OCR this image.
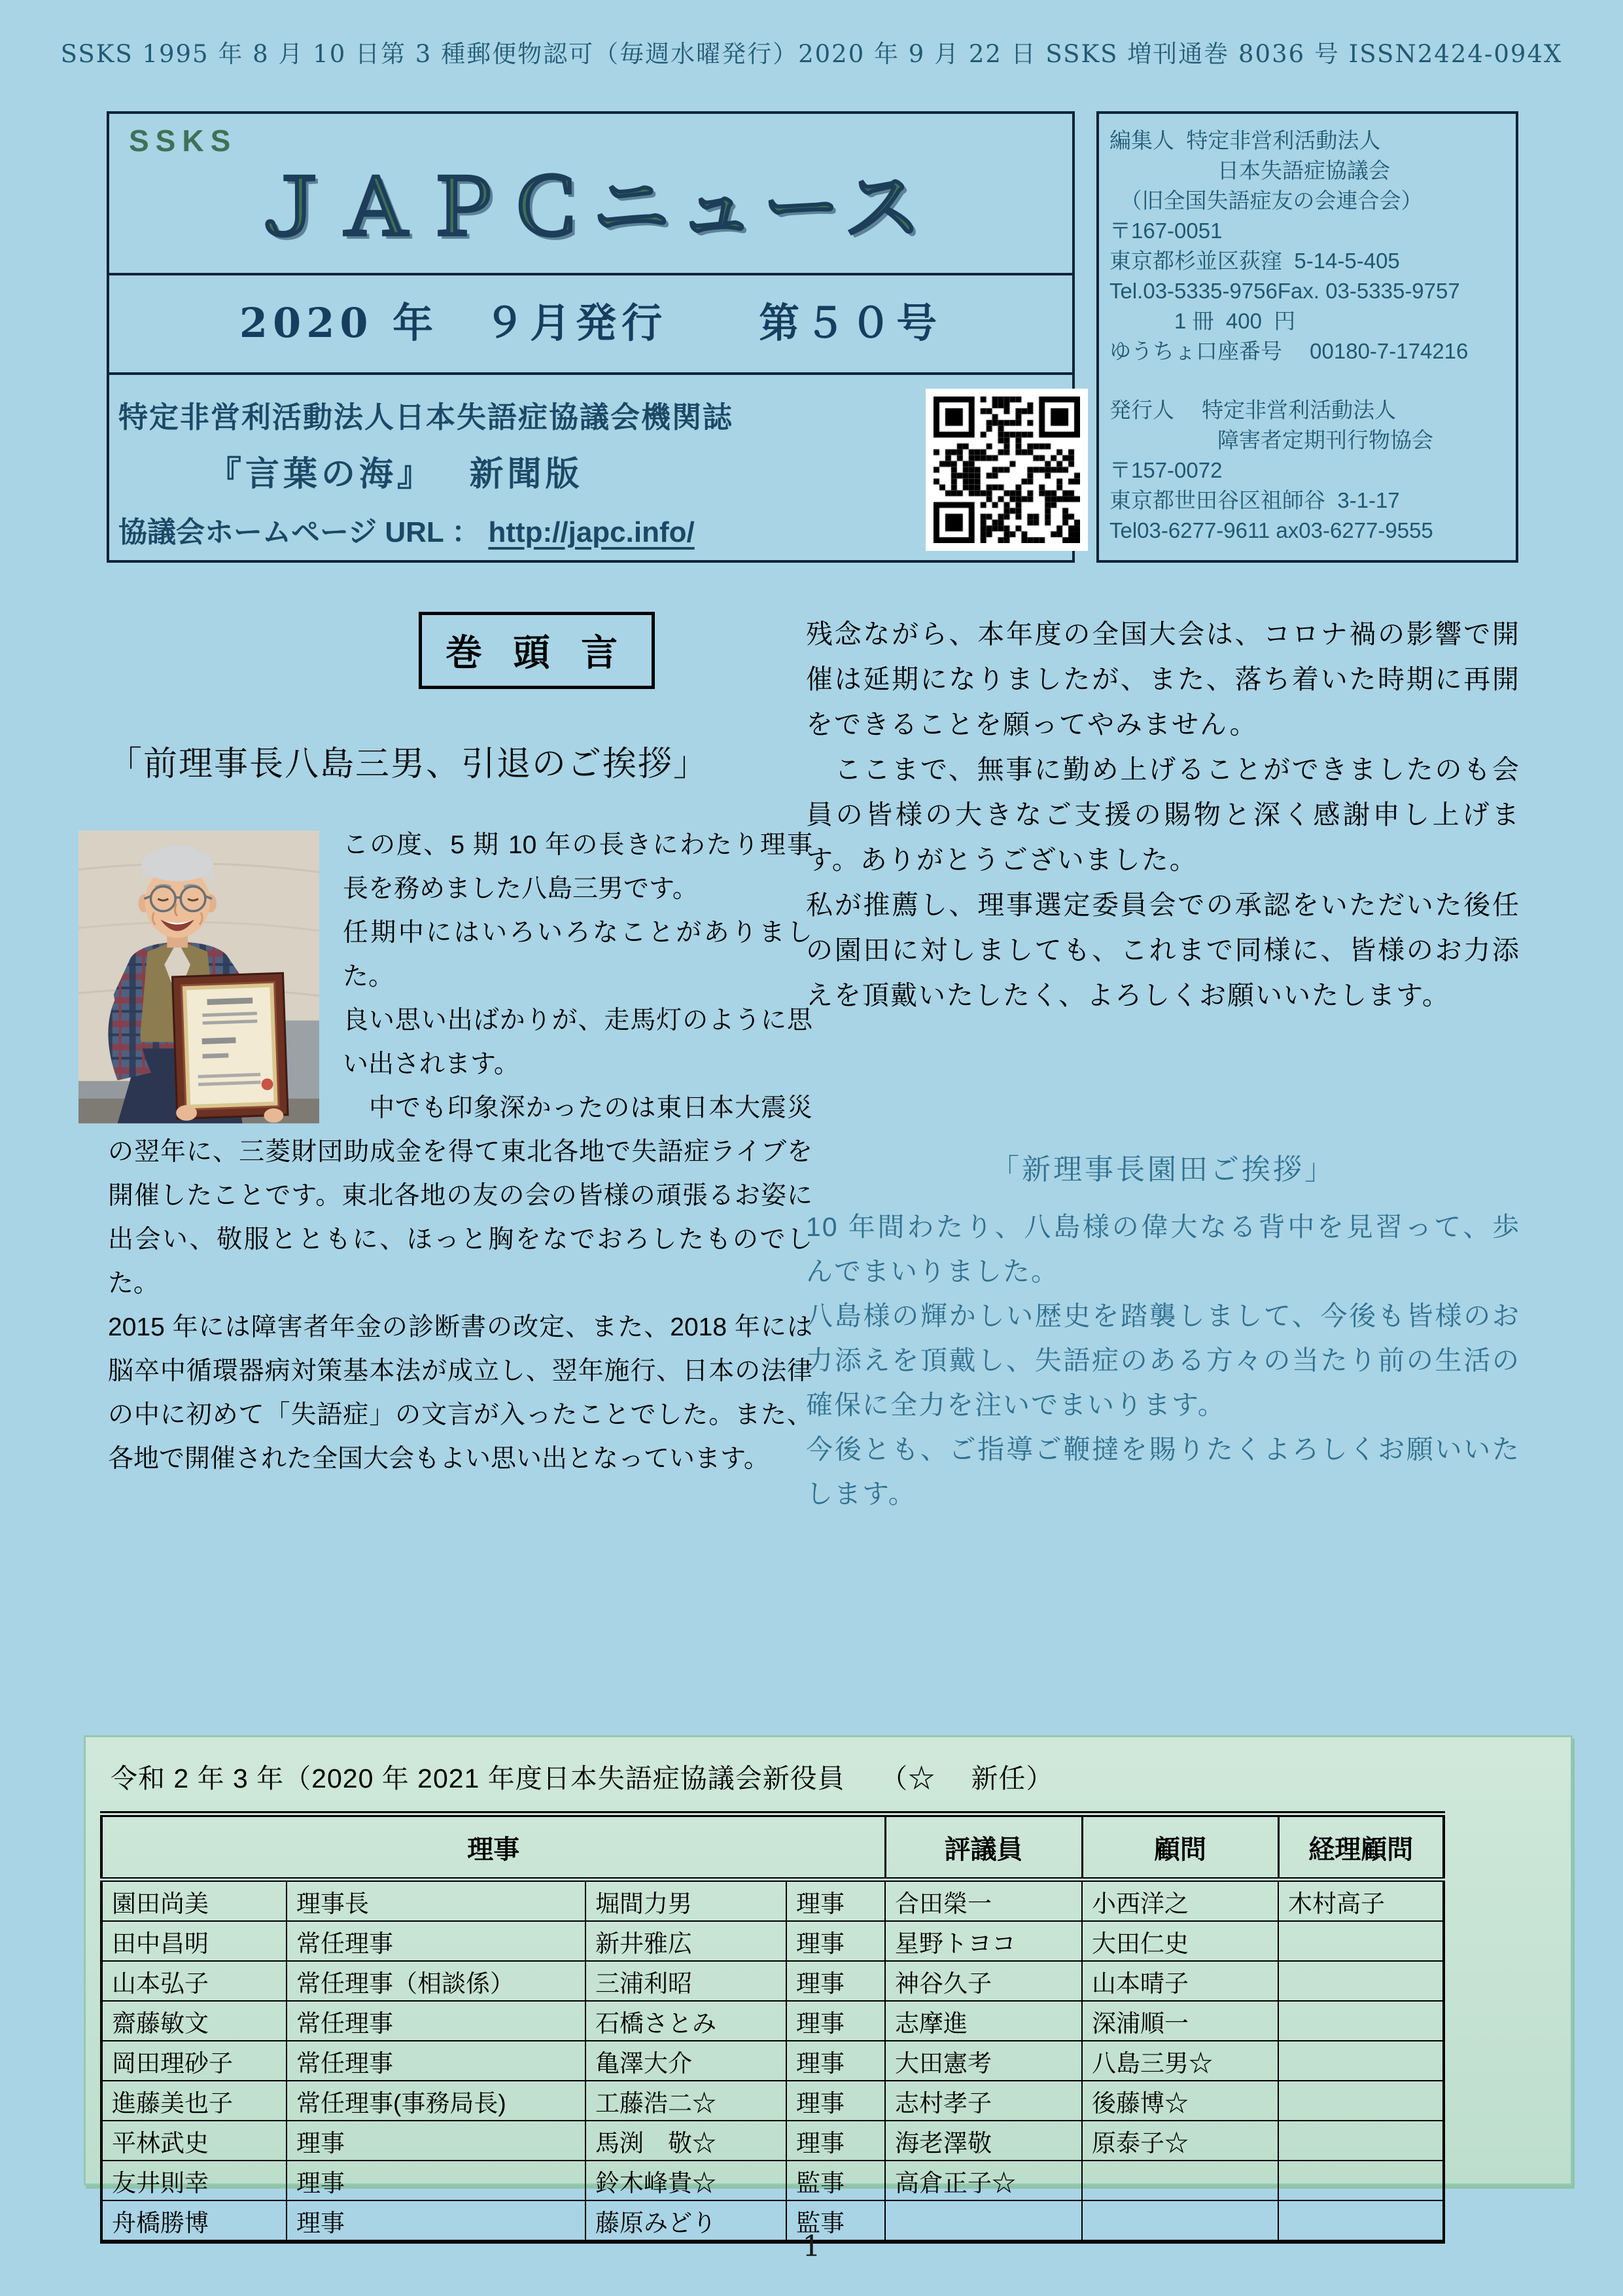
SSKS 1995 年 8 月 10 日第 3 種郵便物認可（毎週水曜発行）2020 年 9 月 22 日 SSKS 増刊通巻 8036 号 ISSN2424-094X
SSKS
ＪＡＰＣニュース
2020 年　９月発行　　第５０号
特定非営利活動法人日本失語症協議会機関誌
『言葉の海』　 新聞版
協議会ホームページ URL ： http://japc.info/
編集人  特定非営利活動法人
　　　　　日本失語症協議会
　（旧全国失語症友の会連合会）
〒167-0051
東京都杉並区荻窪  5-14-5-405
Tel.03-5335-9756Fax. 03-5335-9757
　　　1 冊  400  円
ゆうちょ口座番号　 00180-7-174216
発行人　 特定非営利活動法人
　　　　　障害者定期刊行物協会
〒157-0072
東京都世田谷区祖師谷  3-1-17
Tel03-6277-9611 ax03-6277-9555
巻 頭 言
「前理事長八島三男、引退のご挨拶」
この度、5 期 10 年の長きにわたり理事長を務めました八島三男です。
任期中にはいろいろなことがありました。
良い思い出ばかりが、走馬灯のように思い出されます。
　中でも印象深かったのは東日本大震災の翌年に、三菱財団助成金を得て東北各地で失語症ライブを開催したことです。東北各地の友の会の皆様の頑張るお姿に出会い、敬服とともに、ほっと胸をなでおろしたものでした。
2015 年には障害者年金の診断書の改定、また、2018 年には脳卒中循環器病対策基本法が成立し、翌年施行、日本の法律の中に初めて「失語症」の文言が入ったことでした。また、各地で開催された全国大会もよい思い出となっています。
残念ながら、本年度の全国大会は、コロナ禍の影響で開催は延期になりましたが、また、落ち着いた時期に再開をできることを願ってやみません。
　ここまで、無事に勤め上げることができましたのも会員の皆様の大きなご支援の賜物と深く感謝申し上げます。ありがとうございました。
私が推薦し、理事選定委員会での承認をいただいた後任の園田に対しましても、これまで同様に、皆様のお力添えを頂戴いたしたく、よろしくお願いいたします。
「新理事長園田ご挨拶」
10 年間わたり、八島様の偉大なる背中を見習って、歩んでまいりました。
八島様の輝かしい歴史を踏襲しまして、今後も皆様のお力添えを頂戴し、失語症のある方々の当たり前の生活の確保に全力を注いでまいります。
今後とも、ご指導ご鞭撻を賜りたくよろしくお願いいたします。
令和 2 年 3 年（2020 年 2021 年度日本失語症協議会新役員　 （☆　 新任）
理事				評議員	顧問	経理顧問
園田尚美	理事長	堀間力男	理事	合田榮一	小西洋之	木村高子
田中昌明	常任理事	新井雅広	理事	星野トヨコ	大田仁史	
山本弘子	常任理事（相談係）	三浦利昭	理事	神谷久子	山本晴子	
齋藤敏文	常任理事	石橋さとみ	理事	志摩進	深浦順一	
岡田理砂子	常任理事	亀澤大介	理事	大田憲考	八島三男☆	
進藤美也子	常任理事(事務局長)	工藤浩二☆	理事	志村孝子	後藤博☆	
平林武史	理事	馬渕　敬☆	理事	海老澤敬	原泰子☆	
友井則幸	理事	鈴木峰貴☆	監事	高倉正子☆		
舟橋勝博	理事	藤原みどり	監事			
1
